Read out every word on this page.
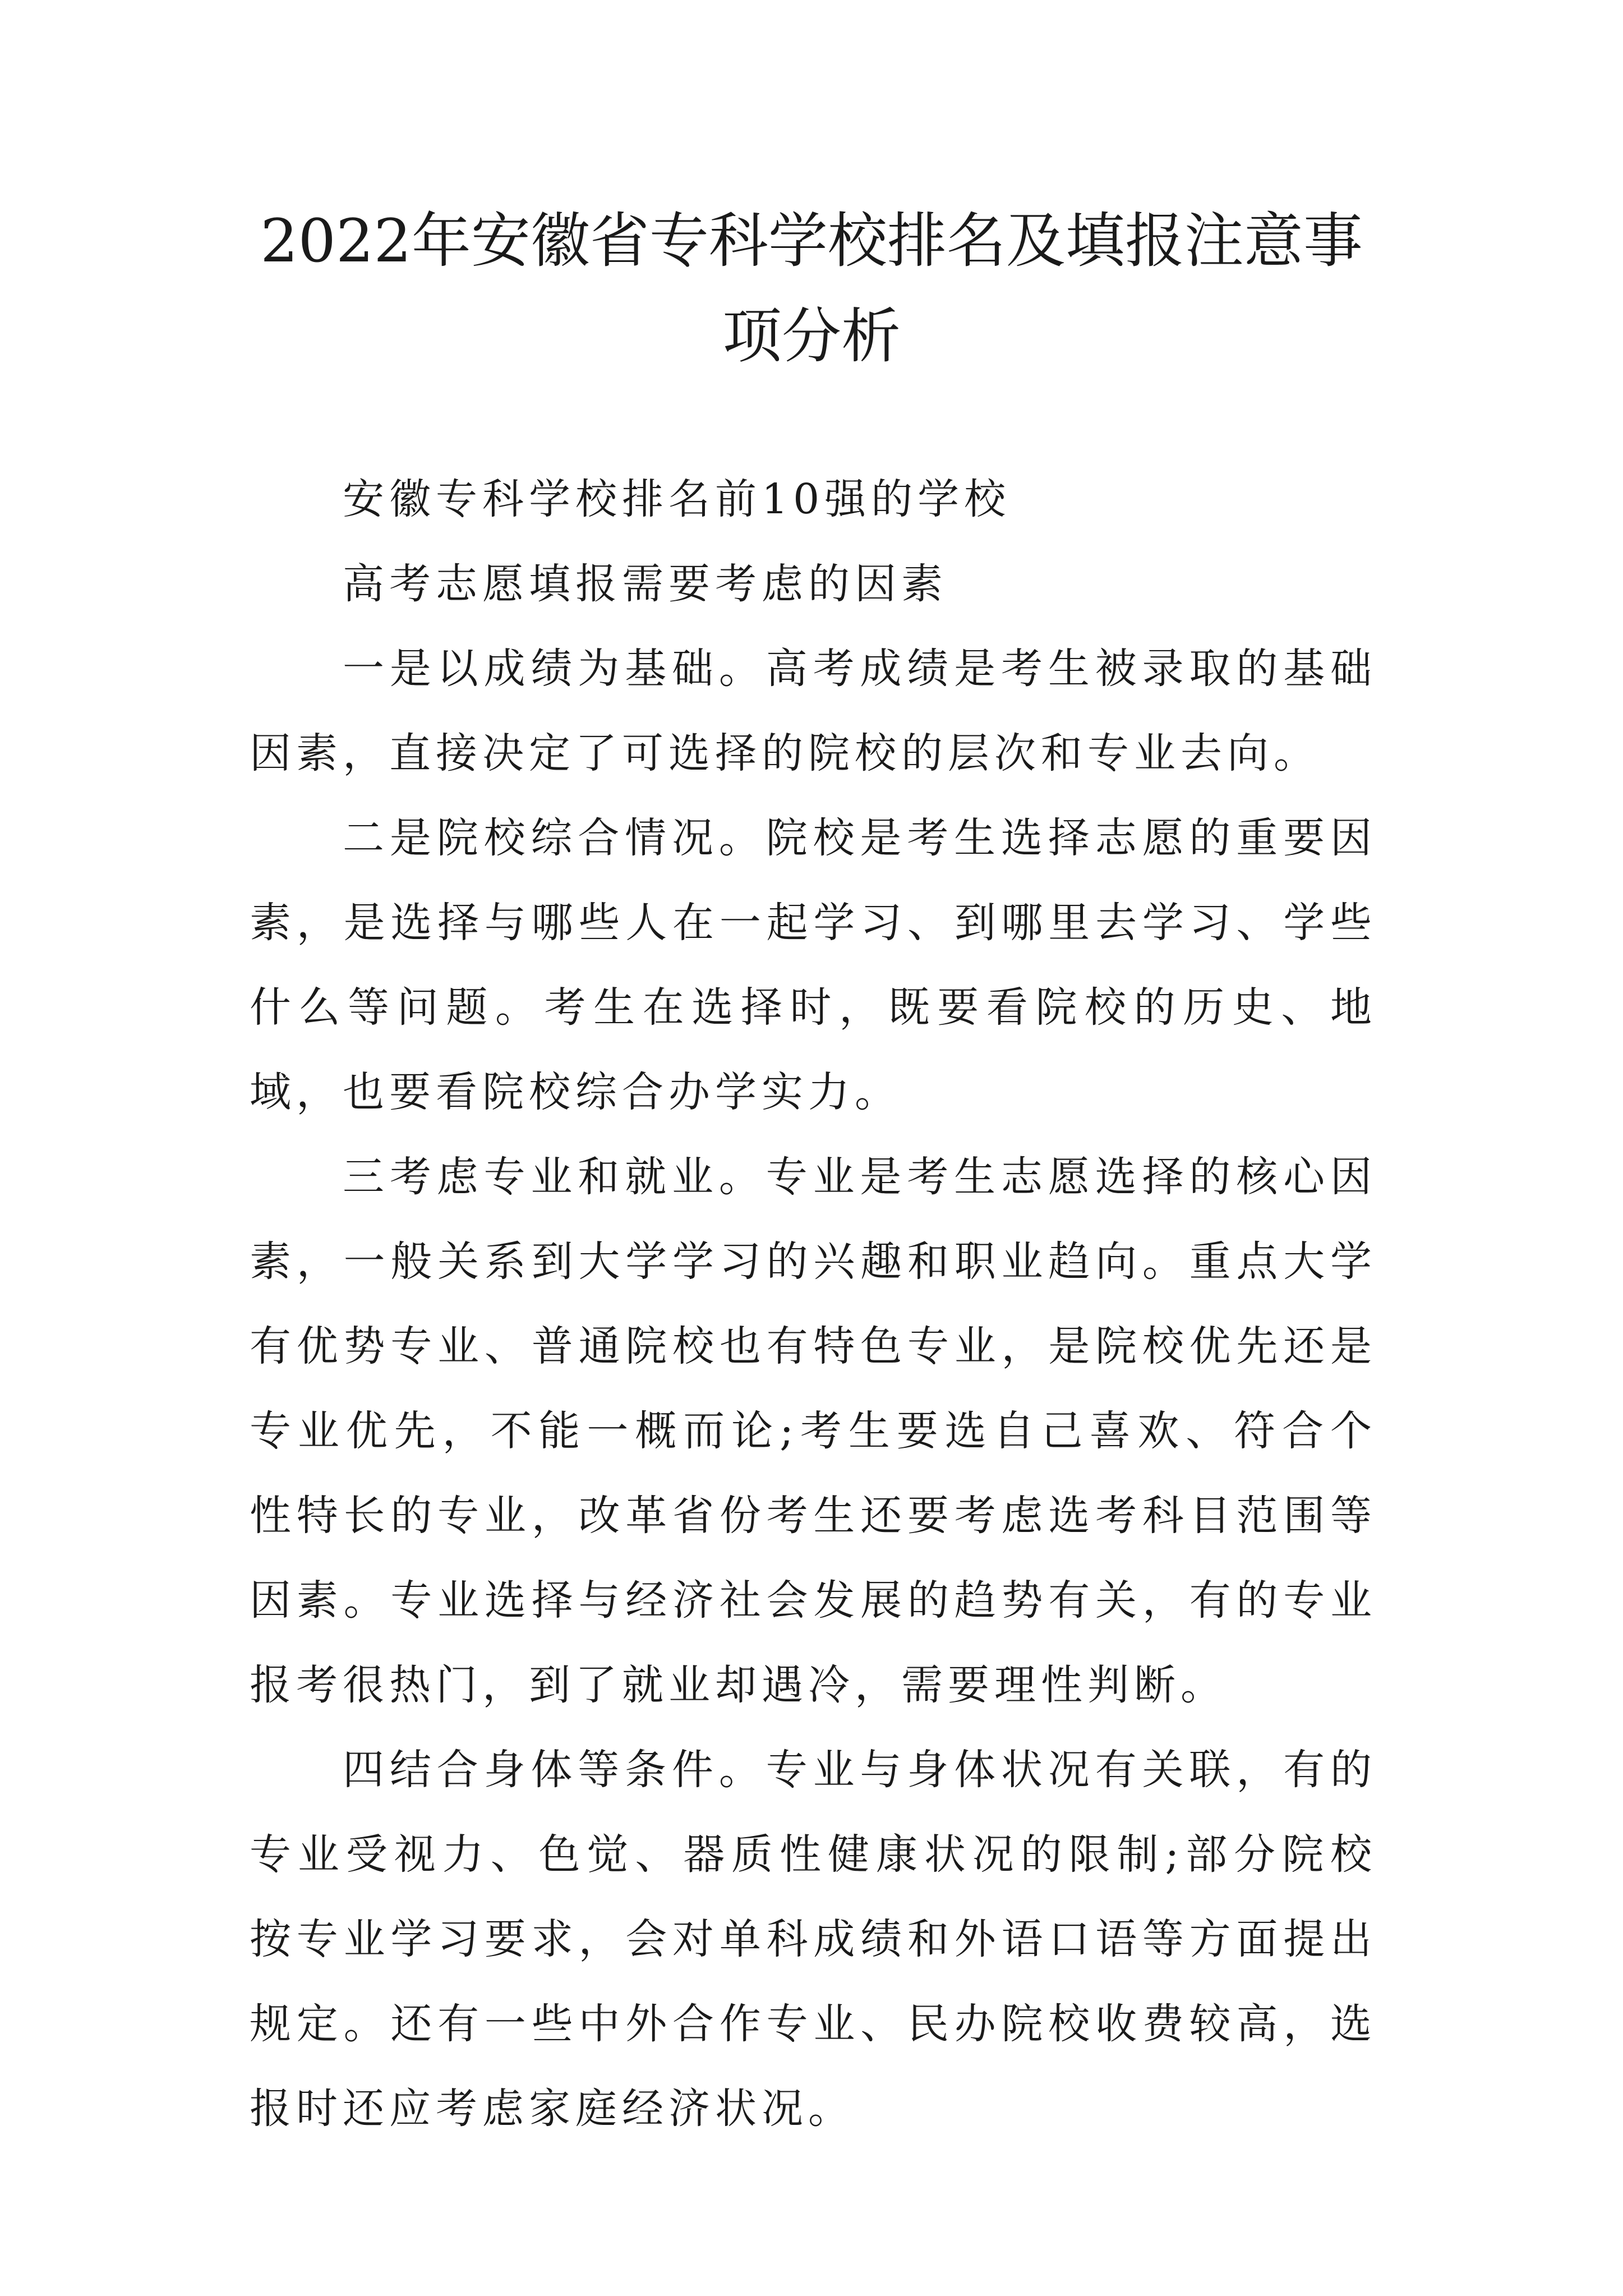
2022年安徽省专科学校排名及填报注意事
项分析

安徽专科学校排名前10强的学校

高考志愿填报需要考虑的因素

一是以成绩为基础。高考成绩是考生被录取的基础因素，直接决定了可选择的院校的层次和专业去向。

二是院校综合情况。院校是考生选择志愿的重要因素，是选择与哪些人在一起学习、到哪里去学习、学些什么等问题。考生在选择时，既要看院校的历史、地域，也要看院校综合办学实力。

三考虑专业和就业。专业是考生志愿选择的核心因素，一般关系到大学学习的兴趣和职业趋向。重点大学有优势专业、普通院校也有特色专业，是院校优先还是专业优先，不能一概而论;考生要选自己喜欢、符合个性特长的专业，改革省份考生还要考虑选考科目范围等因素。专业选择与经济社会发展的趋势有关，有的专业报考很热门，到了就业却遇冷，需要理性判断。

四结合身体等条件。专业与身体状况有关联，有的专业受视力、色觉、器质性健康状况的限制;部分院校按专业学习要求，会对单科成绩和外语口语等方面提出规定。还有一些中外合作专业、民办院校收费较高，选报时还应考虑家庭经济状况。
